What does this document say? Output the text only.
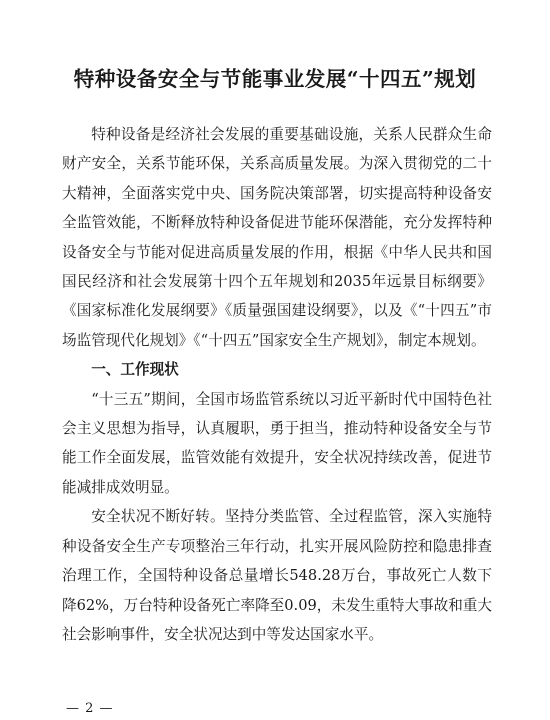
特种设备安全与节能事业发展“十四五”规划

特种设备是经济社会发展的重要基础设施，关系人民群众生命财产安全，关系节能环保，关系高质量发展。为深入贯彻党的二十大精神，全面落实党中央、国务院决策部署，切实提高特种设备安全监管效能，不断释放特种设备促进节能环保潜能，充分发挥特种设备安全与节能对促进高质量发展的作用，根据《中华人民共和国国民经济和社会发展第十四个五年规划和2035年远景目标纲要》《国家标准化发展纲要》《质量强国建设纲要》，以及《“十四五”市场监管现代化规划》《“十四五”国家安全生产规划》，制定本规划。

一、工作现状

“十三五”期间，全国市场监管系统以习近平新时代中国特色社会主义思想为指导，认真履职，勇于担当，推动特种设备安全与节能工作全面发展，监管效能有效提升，安全状况持续改善，促进节能减排成效明显。

安全状况不断好转。坚持分类监管、全过程监管，深入实施特种设备安全生产专项整治三年行动，扎实开展风险防控和隐患排查治理工作，全国特种设备总量增长548.28万台，事故死亡人数下降62%，万台特种设备死亡率降至0.09，未发生重特大事故和重大社会影响事件，安全状况达到中等发达国家水平。

— 2 —
